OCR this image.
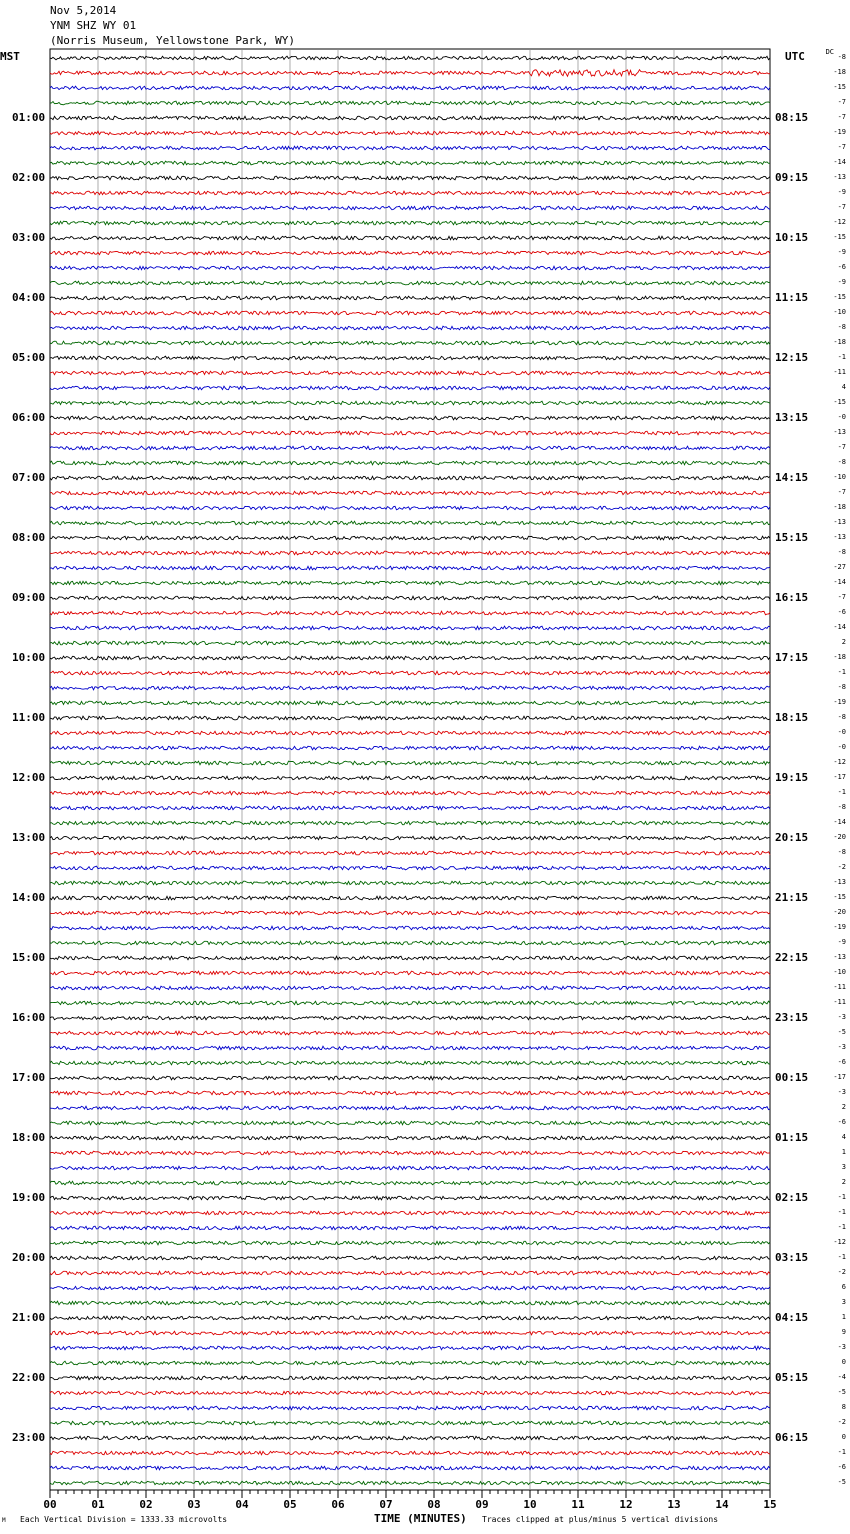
Nov 5,2014
YNM SHZ WY 01
(Norris Museum, Yellowstone Park, WY)
MST	UTC	DC
00	01	02	03	04	05	06	07	08	09	10	11	12	13	14	15
-8
-18
-15
-7
-7
-19
-7
-14
-13
-9
-7
-12
-15
-9
-6
-9
-15
-10
-8
-18
-1
-11
4
-15
-0
-13
-7
-8
-10
-7
-18
-13
-13
-8
-27
-14
-7
-6
-14
2
-18
-1
-8
-19
-8
-0
-0
-12
-17
-1
-8
-14
-20
-8
-2
-13
-15
-20
-19
-9
-13
-10
-11
-11
-3
-5
-3
-6
-17
-3
2
-6
4
1
3
2
-1
-1
-1
-12
-1
-2
6
3
1
9
-3
0
-4
-5
8
-2
0
-1
-6
-5
01:00	08:15
02:00	09:15
03:00	10:15
04:00	11:15
05:00	12:15
06:00	13:15
07:00	14:15
08:00	15:15
09:00	16:15
10:00	17:15
11:00	18:15
12:00	19:15
13:00	20:15
14:00	21:15
15:00	22:15
16:00	23:15
17:00	00:15
18:00	01:15
19:00	02:15
20:00	03:15
21:00	04:15
22:00	05:15
23:00	06:15
M Each Vertical Division = 1333.33 microvolts	TIME (MINUTES) Traces clipped at plus/minus 5 vertical divisions
